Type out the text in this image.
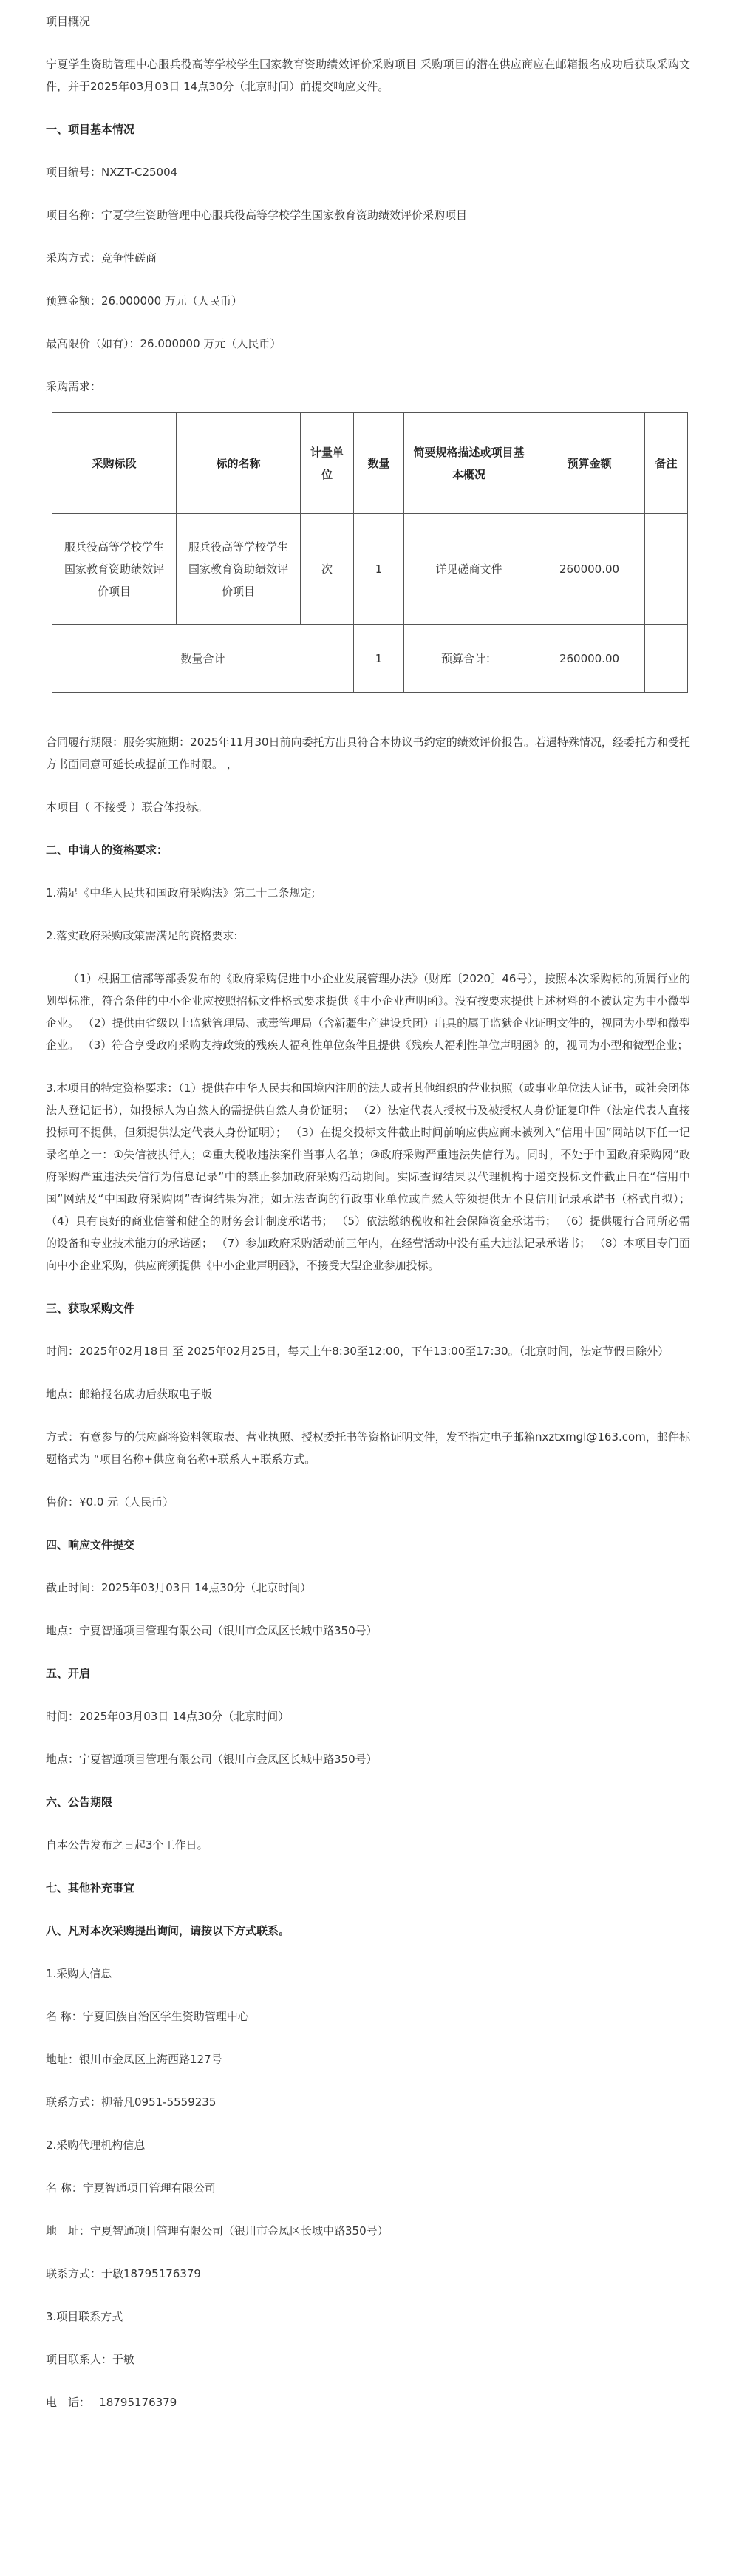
项目概况

宁夏学生资助管理中心服兵役高等学校学生国家教育资助绩效评价采购项目 采购项目的潜在供应商应在邮箱报名成功后获取采购文件，并于2025年03月03日 14点30分（北京时间）前提交响应文件。

一、项目基本情况

项目编号：NXZT-C25004

项目名称：宁夏学生资助管理中心服兵役高等学校学生国家教育资助绩效评价采购项目

采购方式：竞争性磋商

预算金额：26.000000 万元（人民币）

最高限价（如有）：26.000000 万元（人民币）

采购需求：

采购标段	标的名称	计量单位	数量	简要规格描述或项目基本概况	预算金额	备注
服兵役高等学校学生国家教育资助绩效评价项目	服兵役高等学校学生国家教育资助绩效评价项目	次	1	详见磋商文件	260000.00	
数量合计			1	预算合计：	260000.00	

合同履行期限：服务实施期：2025年11月30日前向委托方出具符合本协议书约定的绩效评价报告。若遇特殊情况，经委托方和受托方书面同意可延长或提前工作时限。 ，

本项目（ 不接受 ）联合体投标。

二、申请人的资格要求：

1.满足《中华人民共和国政府采购法》第二十二条规定;

2.落实政府采购政策需满足的资格要求:

（1）根据工信部等部委发布的《政府采购促进中小企业发展管理办法》（财库〔2020〕46号），按照本次采购标的所属行业的划型标准，符合条件的中小企业应按照招标文件格式要求提供《中小企业声明函》。没有按要求提供上述材料的不被认定为中小微型企业。 （2）提供由省级以上监狱管理局、戒毒管理局（含新疆生产建设兵团）出具的属于监狱企业证明文件的，视同为小型和微型企业。 （3）符合享受政府采购支持政策的残疾人福利性单位条件且提供《残疾人福利性单位声明函》的，视同为小型和微型企业；

3.本项目的特定资格要求：（1）提供在中华人民共和国境内注册的法人或者其他组织的营业执照（或事业单位法人证书，或社会团体法人登记证书），如投标人为自然人的需提供自然人身份证明； （2）法定代表人授权书及被授权人身份证复印件（法定代表人直接投标可不提供，但须提供法定代表人身份证明）； （3）在提交投标文件截止时间前响应供应商未被列入“信用中国”网站以下任一记录名单之一：①失信被执行人；②重大税收违法案件当事人名单；③政府采购严重违法失信行为。同时，不处于中国政府采购网“政府采购严重违法失信行为信息记录”中的禁止参加政府采购活动期间。实际查询结果以代理机构于递交投标文件截止日在“信用中国”网站及“中国政府采购网”查询结果为准；如无法查询的行政事业单位或自然人等须提供无不良信用记录承诺书（格式自拟）； （4）具有良好的商业信誉和健全的财务会计制度承诺书； （5）依法缴纳税收和社会保障资金承诺书； （6）提供履行合同所必需的设备和专业技术能力的承诺函； （7）参加政府采购活动前三年内，在经营活动中没有重大违法记录承诺书； （8）本项目专门面向中小企业采购，供应商须提供《中小企业声明函》，不接受大型企业参加投标。

三、获取采购文件

时间：2025年02月18日 至 2025年02月25日，每天上午8:30至12:00，下午13:00至17:30。（北京时间，法定节假日除外）

地点：邮箱报名成功后获取电子版

方式：有意参与的供应商将资料领取表、营业执照、授权委托书等资格证明文件，发至指定电子邮箱nxztxmgl@163.com，邮件标题格式为 “项目名称+供应商名称+联系人+联系方式。

售价：¥0.0 元（人民币）

四、响应文件提交

截止时间：2025年03月03日 14点30分（北京时间）

地点：宁夏智通项目管理有限公司（银川市金凤区长城中路350号）

五、开启

时间：2025年03月03日 14点30分（北京时间）

地点：宁夏智通项目管理有限公司（银川市金凤区长城中路350号）

六、公告期限

自本公告发布之日起3个工作日。

七、其他补充事宜

八、凡对本次采购提出询问，请按以下方式联系。

1.采购人信息

名 称：宁夏回族自治区学生资助管理中心

地址：银川市金凤区上海西路127号

联系方式：柳希凡0951-5559235

2.采购代理机构信息

名 称：宁夏智通项目管理有限公司

地　址：宁夏智通项目管理有限公司（银川市金凤区长城中路350号）

联系方式：于敏18795176379

3.项目联系方式

项目联系人：于敏

电　话：　 18795176379
